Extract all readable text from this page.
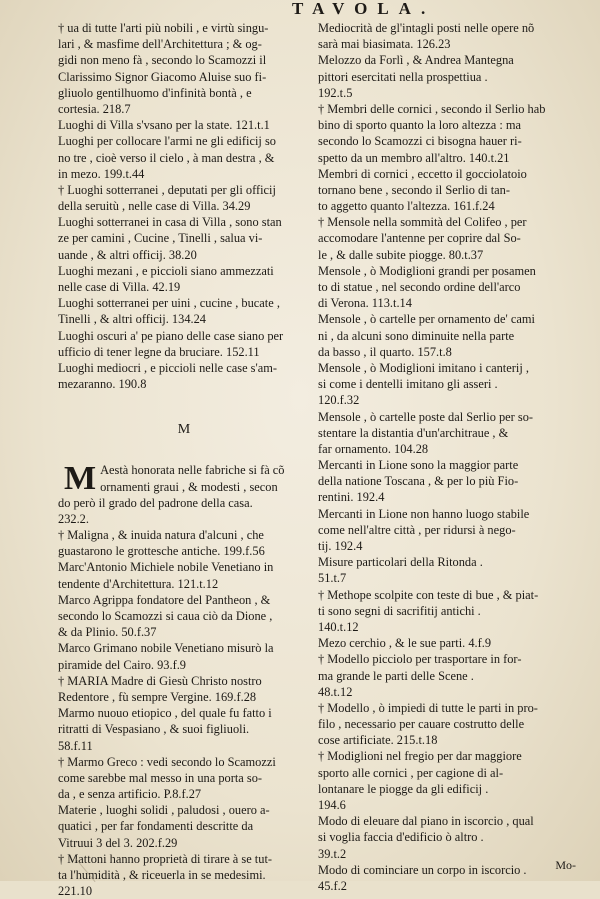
TAVOLA.
† ua di tutte l'arti più nobili , e virtù singu-
lari , & masfime dell'Architettura ; & og-
gidi non meno fà , secondo lo Scamozzi il
Clarissimo Signor Giacomo Aluise suo fi-
gliuolo gentilhuomo d'infinità bontà , e
cortesia. 218.7
Luoghi di Villa s'vsano per la state. 121.t.1
Luoghi per collocare l'armi ne gli edificij so
no tre , cioè verso il cielo , à man destra , &
in mezo. 199.t.44
† Luoghi sotterranei , deputati per gli officij
della seruitù , nelle case di Villa. 34.29
Luoghi sotterranei in casa di Villa , sono stan
ze per camini , Cucine , Tinelli , salua vi-
uande , & altri officij. 38.20
Luoghi mezani , e piccioli siano ammezzati
nelle case di Villa. 42.19
Luoghi sotterranei per uini , cucine , bucate ,
Tinelli , & altri officij. 134.24
Luoghi oscuri a' pe piano delle case siano per
ufficio di tener legne da bruciare. 152.11
Luoghi mediocri , e piccioli nelle case s'am-
mezaranno. 190.8
M
M Aestà honorata nelle fabriche si fà cõ
ornamenti graui , & modesti , secon
do però il grado del padrone della casa.
232.2.
† Maligna , & inuida natura d'alcuni , che
guastarono le grottesche antiche. 199.f.56
Marc'Antonio Michiele nobile Venetiano in
tendente d'Architettura. 121.t.12
Marco Agrippa fondatore del Pantheon , &
secondo lo Scamozzi si caua ciò da Dione ,
& da Plinio. 50.f.37
Marco Grimano nobile Venetiano misurò la
piramide del Cairo. 93.f.9
† MARIA Madre di Giesù Christo nostro
Redentore , fù sempre Vergine. 169.f.28
Marmo nuouo etiopico , del quale fu fatto i
ritratti di Vespasiano , & suoi figliuoli.
58.f.11
† Marmo Greco : vedi secondo lo Scamozzi
come sarebbe mal messo in una porta so-
da , e senza artificio. P.8.f.27
Materie , luoghi solidi , paludosi , ouero a-
quatici , per far fondamenti descritte da
Vitruui 3 del 3. 202.f.29
† Mattoni hanno proprietà di tirare à se tut-
ta l'humidità , & riceuerla in se medesimi.
221.10
Mediocrità de gl'intagli posti nelle opere nõ
sarà mai biasimata. 126.23
Melozzo da Forlì , & Andrea Mantegna
pittori esercitati nella prospettiua .
192.t.5
† Membri delle cornici , secondo il Serlio hab
bino di sporto quanto la loro altezza : ma
secondo lo Scamozzi ci bisogna hauer ri-
spetto da un membro all'altro. 140.t.21
Membri di cornici , eccetto il gocciolatoio
tornano bene , secondo il Serlio di tan-
to aggetto quanto l'altezza. 161.f.24
† Mensole nella sommità del Colifeo , per
accomodare l'antenne per coprire dal So-
le , & dalle subite piogge. 80.t.37
Mensole , ò Modiglioni grandi per posamen
to di statue , nel secondo ordine dell'arco
di Verona. 113.t.14
Mensole , ò cartelle per ornamento de' cami
ni , da alcuni sono diminuite nella parte
da basso , il quarto. 157.t.8
Mensole , ò Modiglioni imitano i canterij ,
si come i dentelli imitano gli asseri .
120.f.32
Mensole , ò cartelle poste dal Serlio per so-
stentare la distantia d'un'architraue , &
far ornamento. 104.28
Mercanti in Lione sono la maggior parte
della natione Toscana , & per lo più Fio-
rentini. 192.4
Mercanti in Lione non hanno luogo stabile
come nell'altre città , per ridursi à nego-
tij. 192.4
Misure particolari della Ritonda .
51.t.7
† Methope scolpite con teste di bue , & piat-
ti sono segni di sacrifitij antichi .
140.t.12
Mezo cerchio , & le sue parti. 4.f.9
† Modello picciolo per trasportare in for-
ma grande le parti delle Scene .
48.t.12
† Modello , ò impiedi di tutte le parti in pro-
filo , necessario per cauare costrutto delle
cose artificiate. 215.t.18
† Modiglioni nel fregio per dar maggiore
sporto alle cornici , per cagione di al-
lontanare le piogge da gli edificij .
194.6
Modo di eleuare dal piano in iscorcio , qual
si voglia faccia d'edificio ò altro .
39.t.2
Modo di cominciare un corpo in iscorcio .
45.f.2
Mo-
